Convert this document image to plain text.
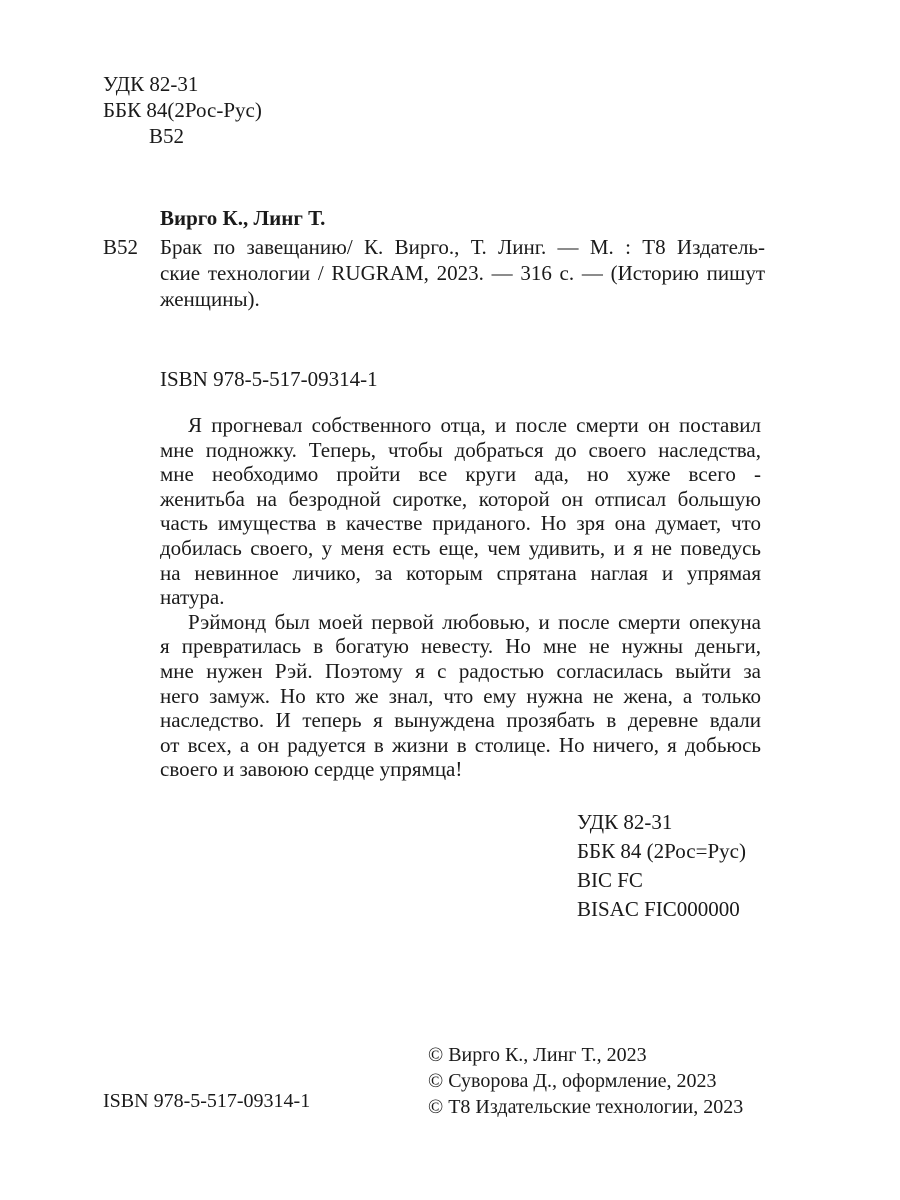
УДК 82-31
ББК 84(2Рос-Рус)
В52
Вирго К., Линг Т.
В52 Брак по завещанию/ К. Вирго., Т. Линг. — М. : Т8 Издатель-
ские технологии / RUGRAM, 2023. — 316 с. — (Историю пишут
женщины).
ISBN 978-5-517-09314-1
Я прогневал собственного отца, и после смерти он поставил
мне подножку. Теперь, чтобы добраться до своего наследства,
мне необходимо пройти все круги ада, но хуже всего -
женитьба на безродной сиротке, которой он отписал большую
часть имущества в качестве приданого. Но зря она думает, что
добилась своего, у меня есть еще, чем удивить, и я не поведусь
на невинное личико, за которым спрятана наглая и упрямая
натура.
Рэймонд был моей первой любовью, и после смерти опекуна
я превратилась в богатую невесту. Но мне не нужны деньги,
мне нужен Рэй. Поэтому я с радостью согласилась выйти за
него замуж. Но кто же знал, что ему нужна не жена, а только
наследство. И теперь я вынуждена прозябать в деревне вдали
от всех, а он радуется в жизни в столице. Но ничего, я добьюсь
своего и завоюю сердце упрямца!
УДК 82-31
ББК 84 (2Рос=Рус)
BIC FC
BISAC FIC000000
© Вирго К., Линг Т., 2023
© Суворова Д., оформление, 2023
© Т8 Издательские технологии, 2023
ISBN 978-5-517-09314-1
